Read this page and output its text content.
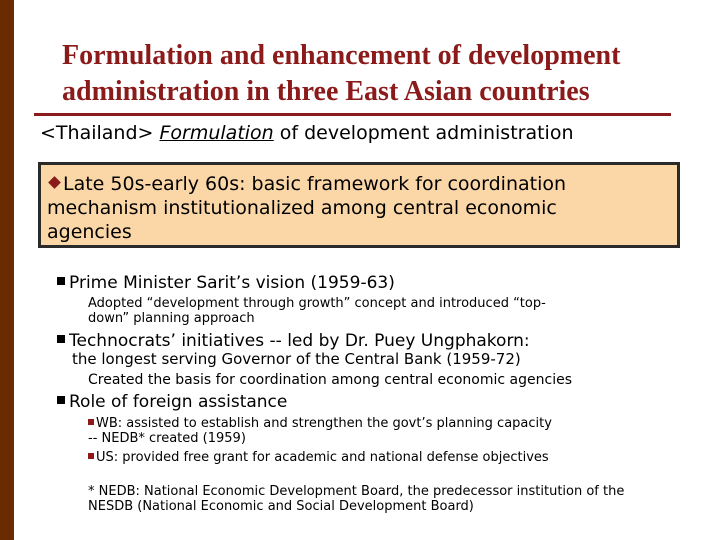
Formulation and enhancement of development
administration in three East Asian countries
<Thailand> Formulation of development administration
Late 50s-early 60s: basic framework for coordination
mechanism institutionalized among central economic
agencies
Prime Minister Sarit’s vision (1959-63)
Adopted “development through growth” concept and introduced “top-
down” planning approach
Technocrats’ initiatives -- led by Dr. Puey Ungphakorn:
the longest serving Governor of the Central Bank (1959-72)
Created the basis for coordination among central economic agencies
Role of foreign assistance
WB: assisted to establish and strengthen the govt’s planning capacity
-- NEDB* created (1959)
US: provided free grant for academic and national defense objectives
* NEDB: National Economic Development Board, the predecessor institution of the
NESDB (National Economic and Social Development Board)
